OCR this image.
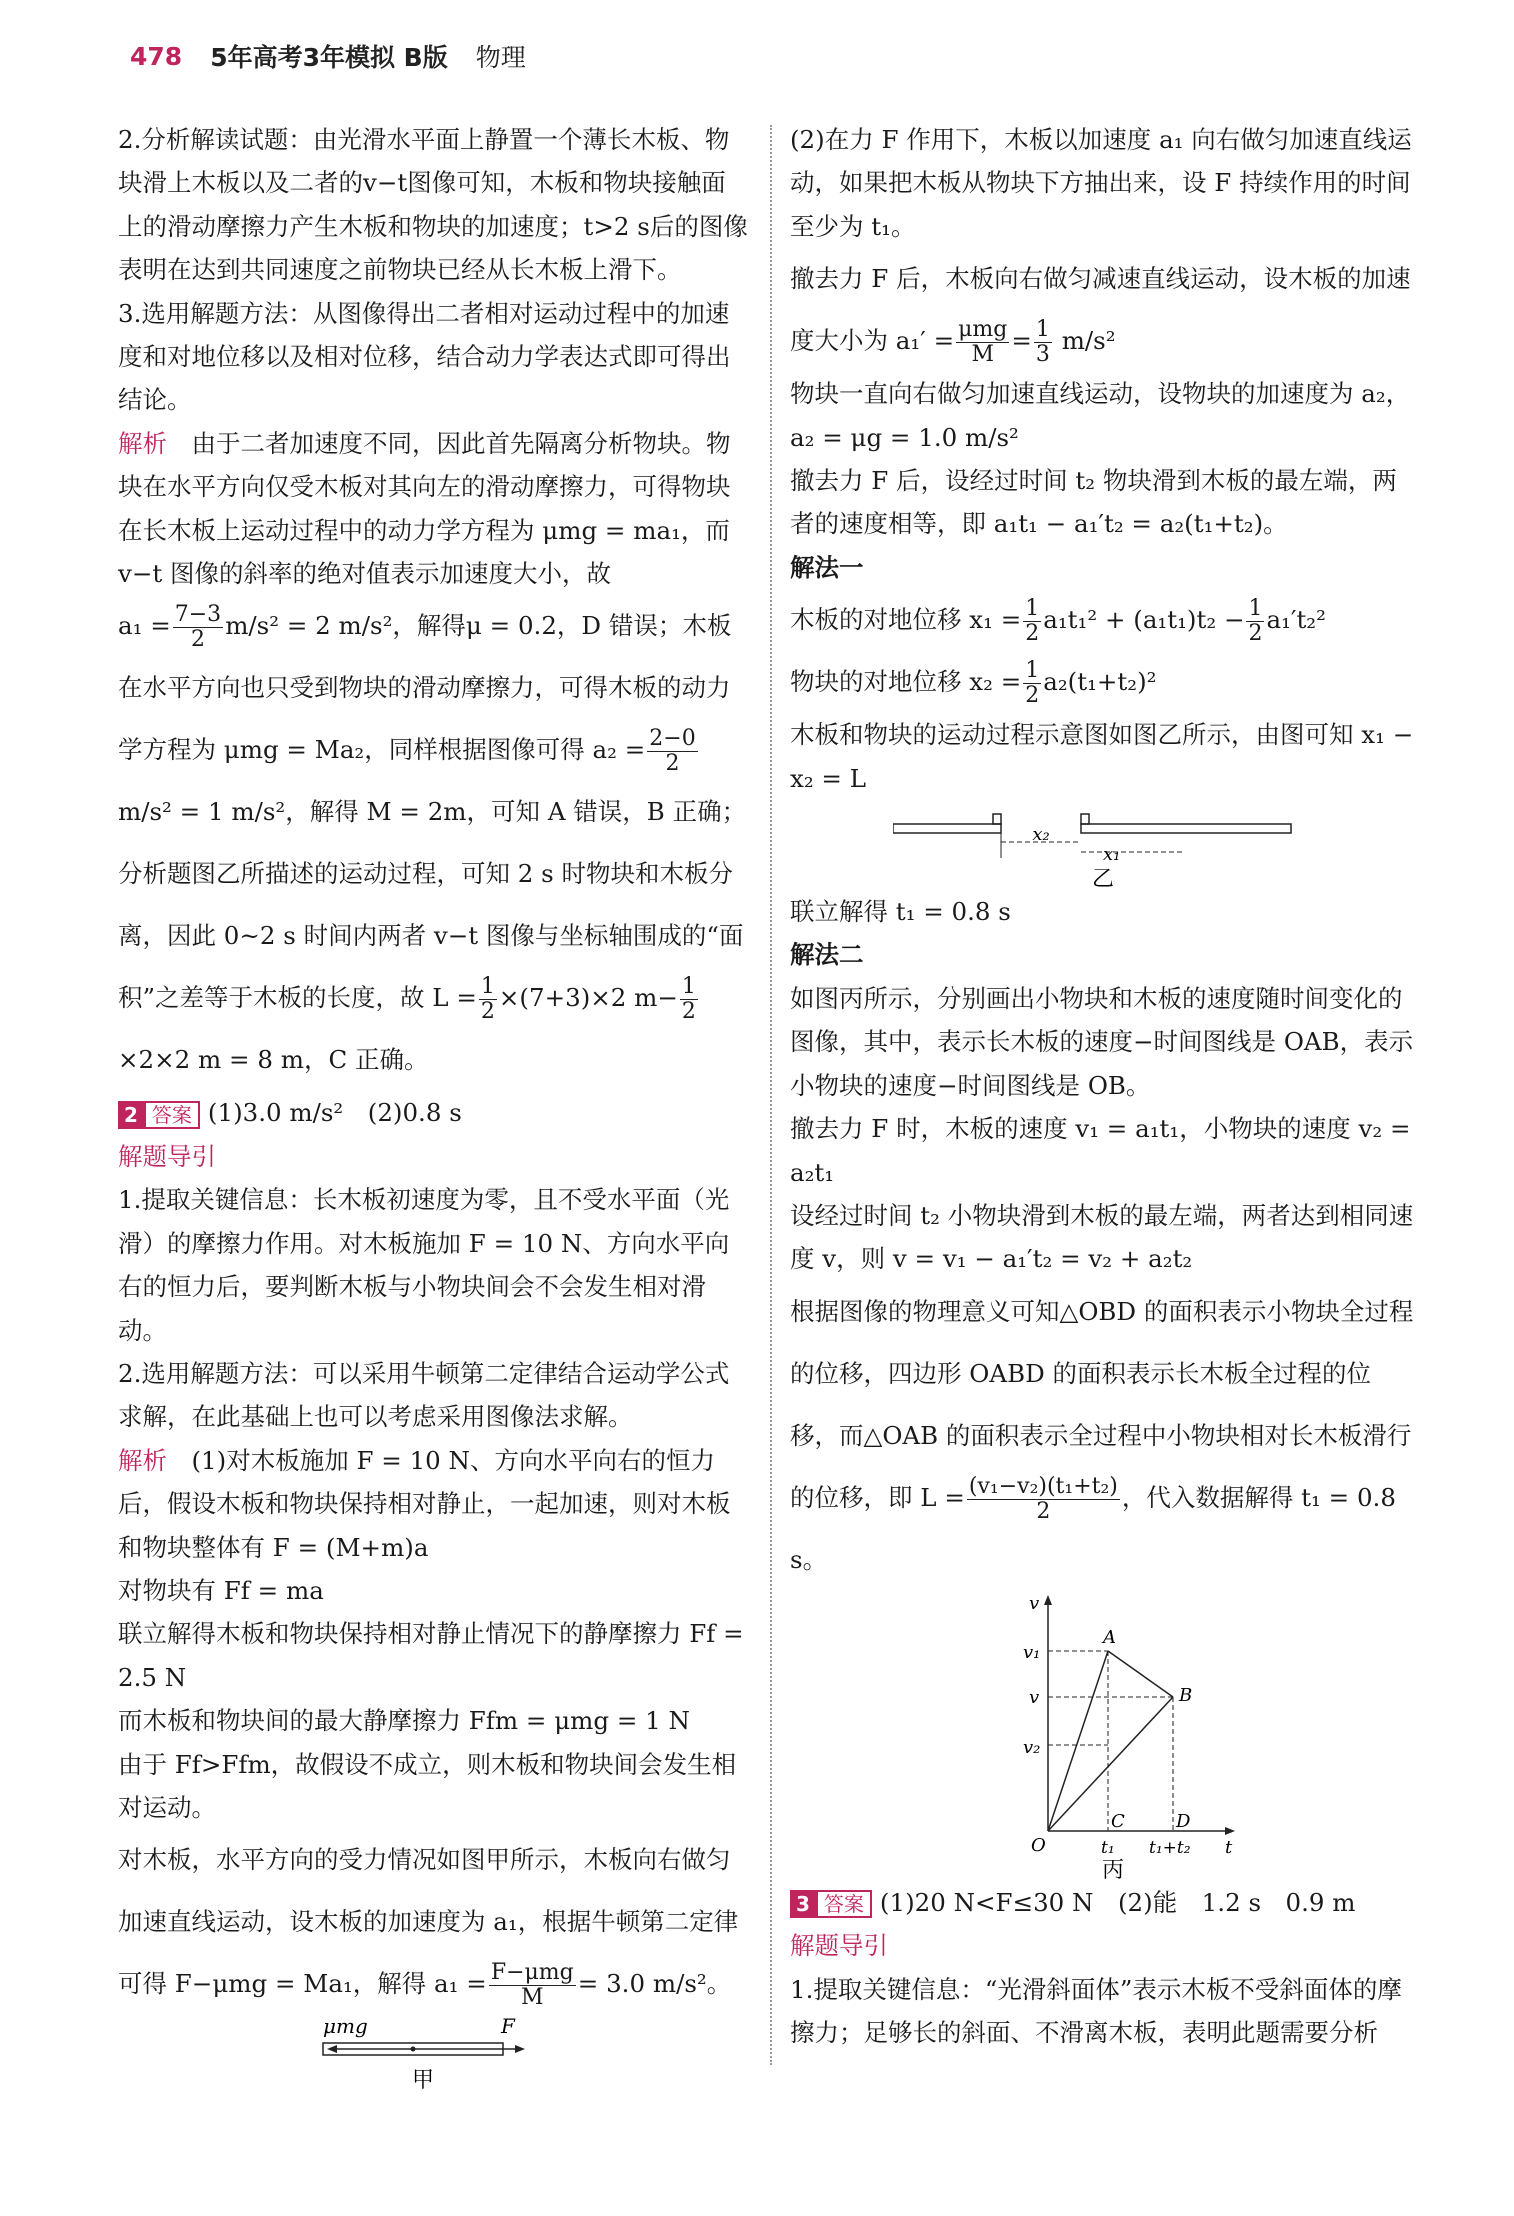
478 5年高考3年模拟 B版 物理

2.分析解读试题：由光滑水平面上静置一个薄长木板、物块滑上木板以及二者的v−t图像可知，木板和物块接触面上的滑动摩擦力产生木板和物块的加速度；t>2 s后的图像表明在达到共同速度之前物块已经从长木板上滑下。

3.选用解题方法：从图像得出二者相对运动过程中的加速度和对地位移以及相对位移，结合动力学表达式即可得出结论。

解析　 由于二者加速度不同，因此首先隔离分析物块。物块在水平方向仅受木板对其向左的滑动摩擦力，可得物块在长木板上运动过程中的动力学方程为 μmg = ma₁，而v−t 图像的斜率的绝对值表示加速度大小，故

$a_1 = \frac{7-3}{2} m/s^2 = 2$ m/s²，解得μ = 0.2，D 错误；木板在水平方向也只受到物块的滑动摩擦力，可得木板的动力学方程为 μmg = Ma₂，同样根据图像可得 $a_2 = \frac{2-0}{2}$
m/s² = 1 m/s²，解得 M = 2m，可知 A 错误，B 正确；分析题图乙所描述的运动过程，可知 2 s 时物块和木板分离，因此 0~2 s 时间内两者 v−t 图像与坐标轴围成的“面积”之差等于木板的长度，故 $L = \frac{1}{2} \times(7+3)\times 2$ $m- \frac{1}{2}$
×2×2 m = 8 m，C 正确。

2 答案 (1)3.0 m/s²　(2)0.8 s

解题导引

1.提取关键信息：长木板初速度为零，且不受水平面（光滑）的摩擦力作用。对木板施加 F = 10 N、方向水平向右的恒力后，要判断木板与小物块间会不会发生相对滑动。

2.选用解题方法：可以采用牛顿第二定律结合运动学公式求解，在此基础上也可以考虑采用图像法求解。

解析　 (1)对木板施加 F = 10 N、方向水平向右的恒力后，假设木板和物块保持相对静止，一起加速，则对木板和物块整体有 F = (M+m)a

对物块有 Ff = ma

联立解得木板和物块保持相对静止情况下的静摩擦力 Ff = 2.5 N

而木板和物块间的最大静摩擦力 Ffm = μmg = 1 N

由于 Ff>Ffm，故假设不成立，则木板和物块间会发生相对运动。

对木板，水平方向的受力情况如图甲所示，木板向右做匀加速直线运动，设木板的加速度为 a₁，根据牛顿第二定律可得 F−μmg = Ma₁，解得 $a_1 = \frac{\text{F−μmg}}{M} = 3.0$ m/s²。

μmg	F
甲

(2)在力 F 作用下，木板以加速度 a₁ 向右做匀加速直线运动，如果把木板从物块下方抽出来，设 F 持续作用的时间至少为 t₁。

撤去力 F 后，木板向右做匀减速直线运动，设木板的加速度大小为 $a_1' = \frac{\text{μmg}}{M} = \frac{1}{3} m/s^2$

物块一直向右做匀加速直线运动，设物块的加速度为 a₂，a₂ = μg = 1.0 m/s²

撤去力 F 后，设经过时间 t₂ 物块滑到木板的最左端，两者的速度相等，即 a₁t₁ − a₁′t₂ = a₂(t₁+t₂)。

解法一

木板的对地位移 $x_1 = \frac{1}{2} a_1t_1^2 + (a_1t_1)t_2 - \frac{1}{2} a_1't_2^2$

物块的对地位移 $x_2 = \frac{1}{2} a_2(t_1+t_2)^2$

木板和物块的运动过程示意图如图乙所示，由图可知 x₁ − x₂ = L

x₂
x₁
乙

联立解得 t₁ = 0.8 s

解法二

如图丙所示，分别画出小物块和木板的速度随时间变化的图像，其中，表示长木板的速度−时间图线是 OAB，表示小物块的速度−时间图线是 OB。

撤去力 F 时，木板的速度 v₁ = a₁t₁，小物块的速度 v₂ = a₂t₁

设经过时间 t₂ 小物块滑到木板的最左端，两者达到相同速度 v，则 v = v₁ − a₁′t₂ = v₂ + a₂t₂

根据图像的物理意义可知△OBD 的面积表示小物块全过程的位移，四边形 OABD 的面积表示长木板全过程的位移，而△OAB 的面积表示全过程中小物块相对长木板滑行的位移，即 $L = \frac{\text{(v₁−v₂)(t₁+t₂)}}{2}$ ，代入数据解得 t₁ = 0.8 s。

v
v₁
v
v₂
A
B
O
C	D
t₁ t₁+t₂ t
丙

3 答案 (1)20 N<F≤30 N　(2)能　1.2 s　0.9 m

解题导引

1.提取关键信息：“光滑斜面体”表示木板不受斜面体的摩擦力；足够长的斜面、不滑离木板，表明此题需要分析
